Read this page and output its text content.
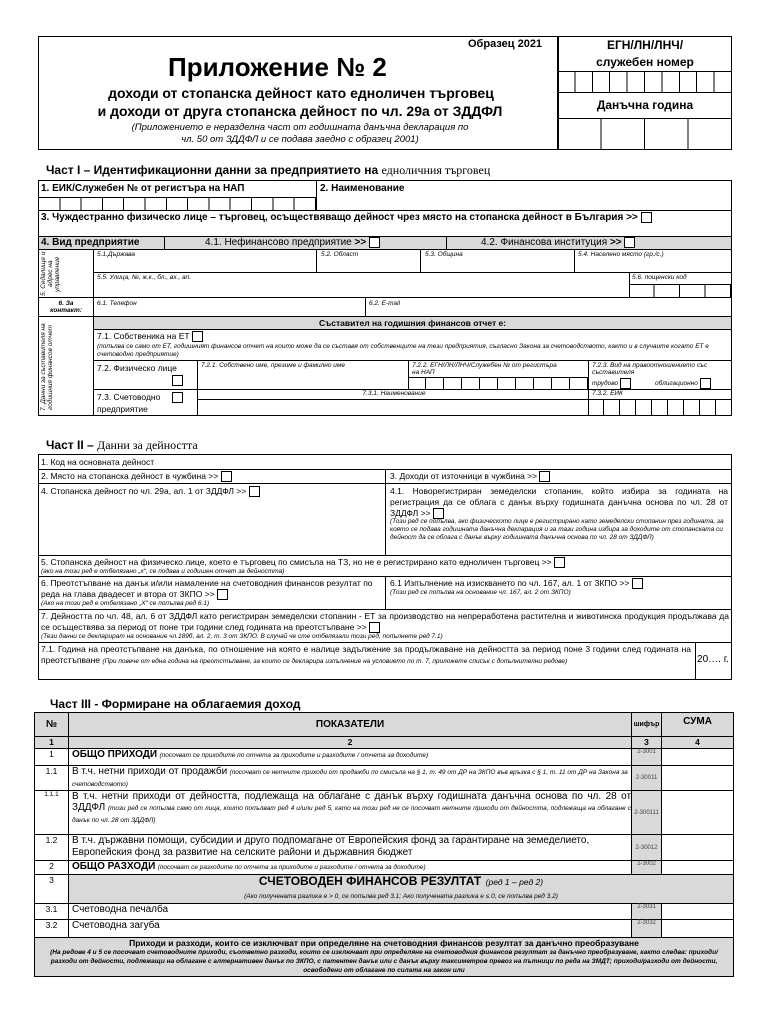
Образец 2021
Приложение № 2
доходи от стопанска дейност като едноличен търговец
и доходи от друга стопанска дейност по чл. 29а от ЗДДФЛ
(Приложението е неразделна част от годишната данъчна декларация по
чл. 50 от ЗДДФЛ и се подава заедно с образец 2001)
ЕГН/ЛН/ЛНЧ/
служебен номер
Данъчна година
Част I – Идентификационни данни за предприятието на едноличния търговец
1. ЕИК/Служебен № от регистъра на НАП	2. Наименование
3. Чуждестранно физическо лице – търговец, осъществяващо дейност чрез място на стопанска дейност в България >>
4. Вид предприятие	4.1. Нефинансово предприятие >>	4.2. Финансова институция >>
5. Седалище и адрес на управление
5.1.Държава	5.2. Област	5.3. Община	5.4. Населено място (гр./с.)
5.5. Улица, №, ж.к., бл., вх., ап.	5.6. пощенски код
6. За контакт:
6.1. Телефон	6.2. E-mail
Съставител на годишния финансов отчет е:
7. Данни за съставителя на годишния финансов отчет	7.1. Собственика на ЕТ
(попълва се само от ЕТ, годишният финансов отчет на които може да се съставя от собственците на тези предприятия, съгласно Закона за счетоводството, както и в случаите когато ЕТ е счетоводно предприятие)
7.2. Физическо лице	7.2.1. Собствено име, презиме и фамилно име	7.2.2. ЕГН/ЛН/ЛНЧ/Служебен № от регистъра на НАП
7.2.3. Вид на правоотношението със съставителя
трудово	облигационно
7.3. Счетоводно предприятие
7.3.1. Наименование	7.3.2. ЕИК
Част II – Данни за дейността
1. Код на основната дейност
2. Място на стопанска дейност в чужбина >>	3. Доходи от източници в чужбина >>
4. Стопанска дейност по чл. 29а, ал. 1 от ЗДДФЛ >>	4.1. Новорегистриран земеделски стопанин, който избира за годината на регистрация да се облага с данък върху годишната данъчна основа по чл. 28 от ЗДДФЛ >>
(Този ред се попълва, ако физическото лице е регистрирано като земеделски стопанин през годината, за която се подава годишната данъчна декларация и за тази година избира за доходите от стопанската си дейност да се облага с данък върху годишната данъчна основа по чл. 28 от ЗДДФЛ)
5. Стопанска дейност на физическо лице, което е търговец по смисъла на ТЗ, но не е регистрирано като едноличен търговец >>
(ако на този ред е отбелязано „x“, се подава и годишен отчет за дейността)
6. Преотстъпване на данък и/или намаление на счетоводния финансов резултат по реда на глава двадесет и втора от ЗКПО >>
(Ако на този ред е отбелязано „X“ се попълва ред 6.1)
6.1 Изпълнение на изискването по чл. 167, ал. 1 от ЗКПО >>
(Този ред се попълва на основание чл. 167, ал. 2 от ЗКПО)
7. Дейността по чл. 48, ал. 6 от ЗДДФЛ като регистриран земеделски стопанин - ЕТ за производство на непреработена растителна и животинска продукция продължава да се осъществява за период от поне три години след годината на преотстъпване >>
(Тези данни се декларират на основание чл.189б, ал. 2, т. 3 от ЗКПО. В случай че сте отбелязали този ред, попълнете ред 7.1)
7.1. Година на преотстъпване на данъка, по отношение на която е налице задължение за продължаване на дейността за период поне 3 години след годината на преотстъпване (При повече от една година на преотстъпване, за които се декларира изпълнение на условието по т. 7, приложете списък с допълнителни редове)	20…. г.
Част III - Формиране на облагаемия доход
№	ПОКАЗАТЕЛИ	шифър	СУМА
1	2	3	4
1	ОБЩО ПРИХОДИ (посочват се приходите по отчета за приходите и разходите / отчета за доходите)	2-3001	
1.1	В т.ч. нетни приходи от продажби (посочват се нетните приходи от продажби по смисъла на § 1, т. 49 от ДР на ЗКПО във връзка с § 1, т. 11 от ДР на Закона за счетоводството)	2-30011	
1.1.1	В т.ч. нетни приходи от дейността, подлежаща на облагане с данък върху годишната данъчна основа по чл. 28 от ЗДДФЛ (този ред се попълва само от лица, които попълват ред 4 и/или ред 5, като на този ред не се посочват нетните приходи от дейността, подлежаща на облагане с данък по чл. 28 от ЗДДФЛ)	2-300111	
1.2	В т.ч. държавни помощи, субсидии и друго подпомагане от Европейския фонд за гарантиране на земеделието, Европейския фонд за развитие на селските райони и държавния бюджет	2-30012	
2	ОБЩО РАЗХОДИ (посочват се разходите по отчета за приходите и разходите / отчета за доходите)	2-3002	
3	СЧЕТОВОДЕН ФИНАНСОВ РЕЗУЛТАТ (ред 1 – ред 2)
(Ако получената разлика е > 0, се попълва ред 3.1; Ако получената разлика е ≤ 0, се попълва ред 3.2)		
3.1	Счетоводна печалба	2-3031	
3.2	Счетоводна загуба	2-3032	

Приходи и разходи, които се изключват при определяне на счетоводния финансов резултат за данъчно преобразуване
(На редове 4 и 5 се посочват счетоводните приходи, съответно разходи, които се изключват при определяне на счетоводния финансов резултат за данъчно преобразуване, както следва: приходи/разходи от дейности, подлежащи на облагане с алтернативен данък по ЗКПО, с патентен данък или с данък върху таксиметров превоз на пътници по реда на ЗМДТ; приходи/разходи от дейности, освободени от облагане по силата на закон или			
